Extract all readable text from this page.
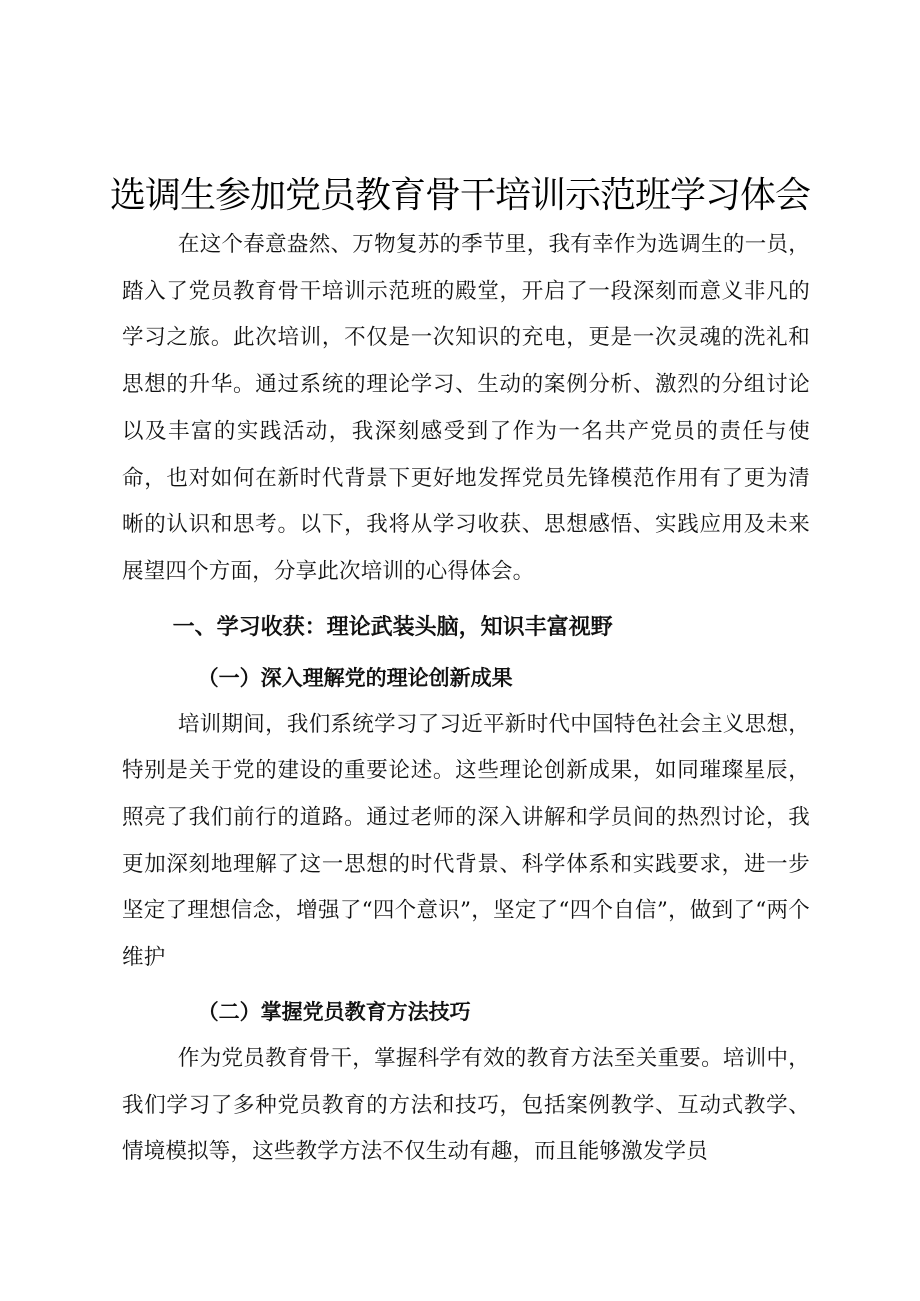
选调生参加党员教育骨干培训示范班学习体会

在这个春意盎然、万物复苏的季节里，我有幸作为选调生的一员，踏入了党员教育骨干培训示范班的殿堂，开启了一段深刻而意义非凡的学习之旅。此次培训，不仅是一次知识的充电，更是一次灵魂的洗礼和思想的升华。通过系统的理论学习、生动的案例分析、激烈的分组讨论以及丰富的实践活动，我深刻感受到了作为一名共产党员的责任与使命，也对如何在新时代背景下更好地发挥党员先锋模范作用有了更为清晰的认识和思考。以下，我将从学习收获、思想感悟、实践应用及未来展望四个方面，分享此次培训的心得体会。

一、学习收获：理论武装头脑，知识丰富视野
（一）深入理解党的理论创新成果

培训期间，我们系统学习了习近平新时代中国特色社会主义思想，特别是关于党的建设的重要论述。这些理论创新成果，如同璀璨星辰，照亮了我们前行的道路。通过老师的深入讲解和学员间的热烈讨论，我更加深刻地理解了这一思想的时代背景、科学体系和实践要求，进一步坚定了理想信念，增强了“四个意识”，坚定了“四个自信”，做到了“两个维护

（二）掌握党员教育方法技巧

作为党员教育骨干，掌握科学有效的教育方法至关重要。培训中，我们学习了多种党员教育的方法和技巧，包括案例教学、互动式教学、情境模拟等，这些教学方法不仅生动有趣，而且能够激发学员
